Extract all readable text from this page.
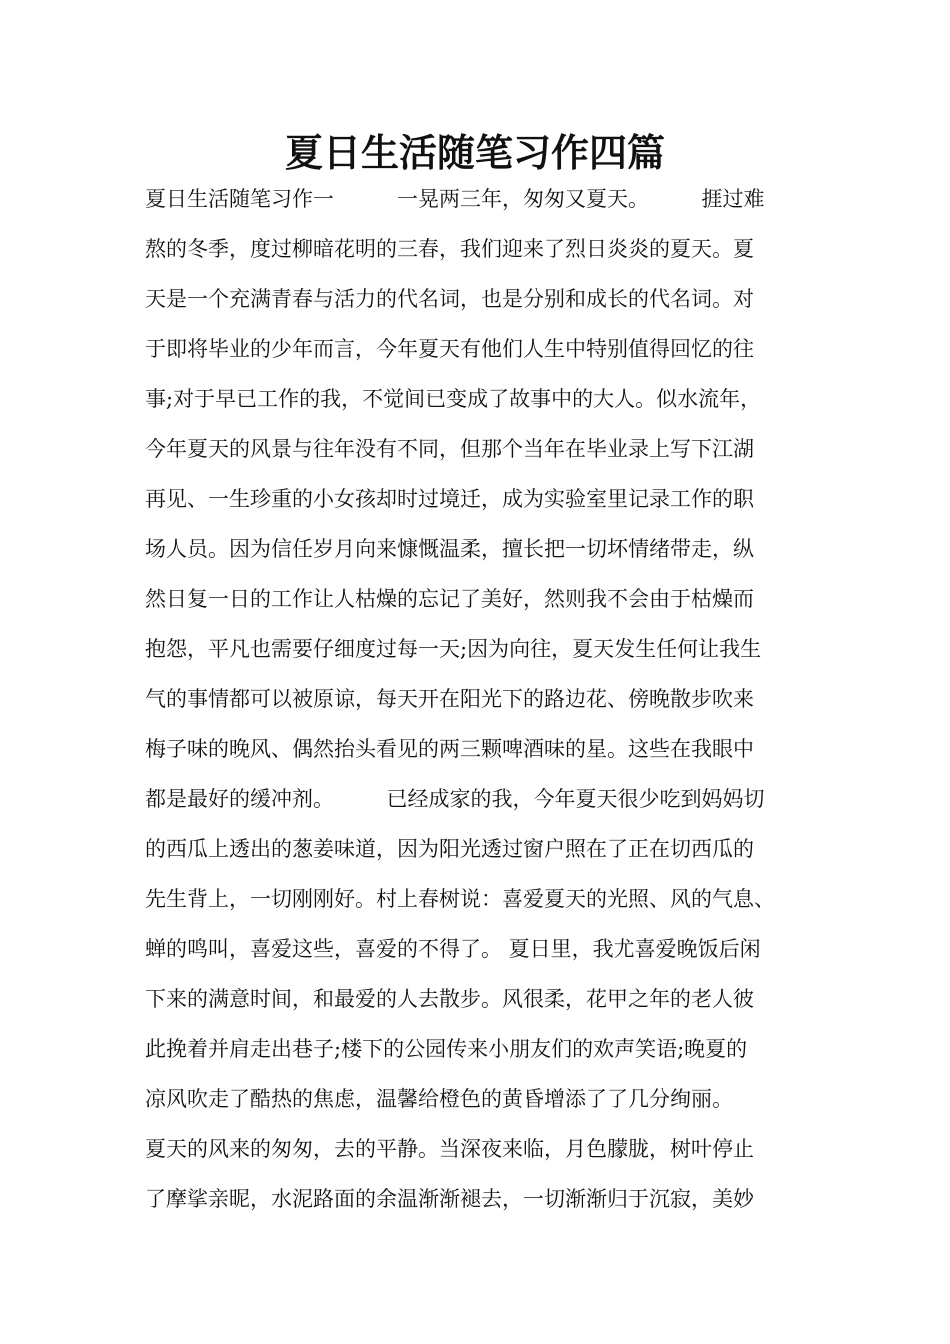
夏日生活随笔习作四篇
夏日生活随笔习作一　　　一晃两三年，匆匆又夏天。　　　捱过难
熬的冬季，度过柳暗花明的三春，我们迎来了烈日炎炎的夏天。夏
天是一个充满青春与活力的代名词，也是分别和成长的代名词。对
于即将毕业的少年而言，今年夏天有他们人生中特别值得回忆的往
事;对于早已工作的我，不觉间已变成了故事中的大人。似水流年，
今年夏天的风景与往年没有不同，但那个当年在毕业录上写下江湖
再见、一生珍重的小女孩却时过境迁，成为实验室里记录工作的职
场人员。因为信任岁月向来慷慨温柔，擅长把一切坏情绪带走，纵
然日复一日的工作让人枯燥的忘记了美好，然则我不会由于枯燥而
抱怨，平凡也需要仔细度过每一天;因为向往，夏天发生任何让我生
气的事情都可以被原谅，每天开在阳光下的路边花、傍晚散步吹来
梅子味的晚风、偶然抬头看见的两三颗啤酒味的星。这些在我眼中
都是最好的缓冲剂。　　　已经成家的我，今年夏天很少吃到妈妈切
的西瓜上透出的葱姜味道，因为阳光透过窗户照在了正在切西瓜的
先生背上，一切刚刚好。村上春树说：喜爱夏天的光照、风的气息、
蝉的鸣叫，喜爱这些，喜爱的不得了。 夏日里，我尤喜爱晚饭后闲
下来的满意时间，和最爱的人去散步。风很柔，花甲之年的老人彼
此挽着并肩走出巷子;楼下的公园传来小朋友们的欢声笑语;晚夏的
凉风吹走了酷热的焦虑，温馨给橙色的黄昏增添了了几分绚丽。
夏天的风来的匆匆，去的平静。当深夜来临，月色朦胧，树叶停止
了摩挲亲昵，水泥路面的余温渐渐褪去，一切渐渐归于沉寂，美妙
